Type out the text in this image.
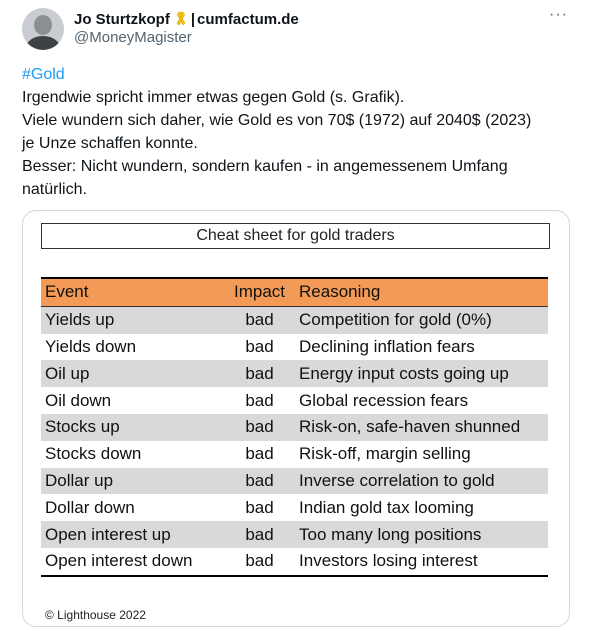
Jo Sturtzkopf | cumfactum.de
@MoneyMagister
···
#Gold
Irgendwie spricht immer etwas gegen Gold (s. Grafik).
Viele wundern sich daher, wie Gold es von 70$ (1972) auf 2040$ (2023)
je Unze schaffen konnte.
Besser: Nicht wundern, sondern kaufen - in angemessenem Umfang
natürlich.
Cheat sheet for gold traders
Event	Impact Reasoning
Yields up	bad	Competition for gold (0%)
Yields down	bad	Declining inflation fears
Oil up	bad	Energy input costs going up
Oil down	bad	Global recession fears
Stocks up	bad	Risk-on, safe-haven shunned
Stocks down	bad	Risk-off, margin selling
Dollar up	bad	Inverse correlation to gold
Dollar down	bad	Indian gold tax looming
Open interest up	bad	Too many long positions
Open interest down	bad	Investors losing interest
© Lighthouse 2022
